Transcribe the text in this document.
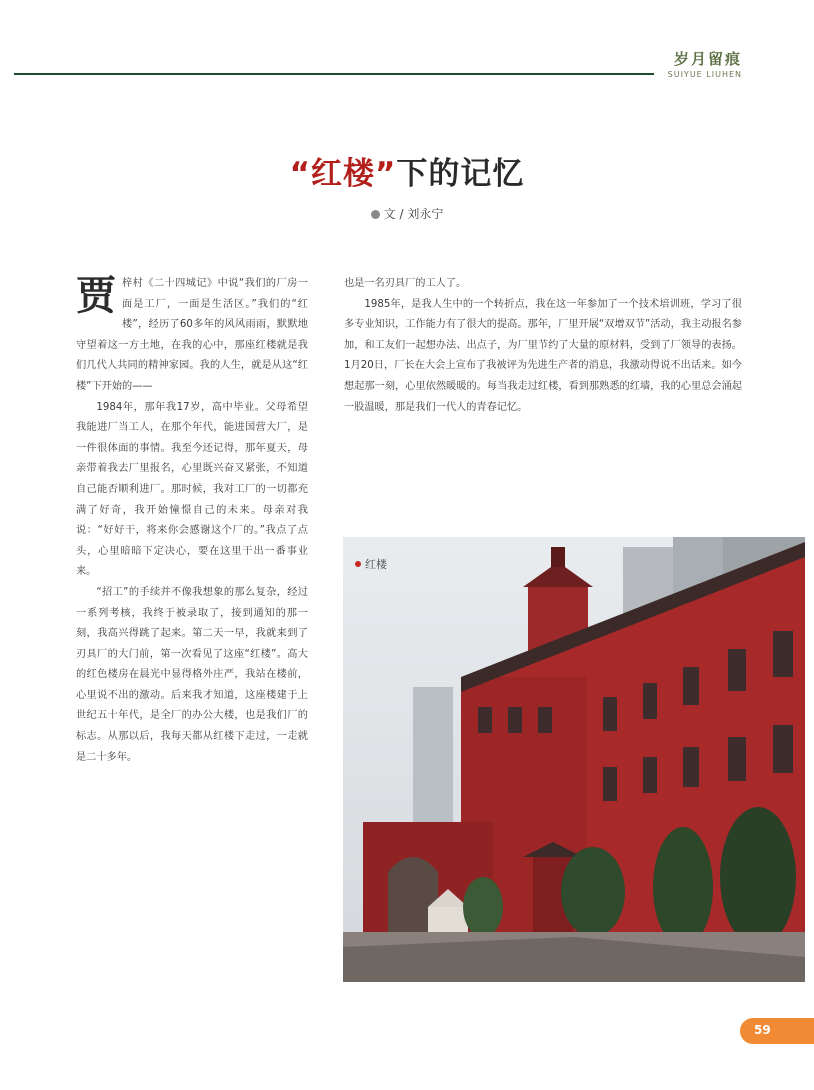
岁月留痕
SUIYUE LIUHEN
“红楼”下的记忆
文 / 刘永宁

贾梓村《二十四城记》中说“我们的厂房一面是工厂，一面是生活区。”我们的“红楼”，经历了60多年的风风雨雨，默默地守望着这一方土地，在我的心中，那座红楼就是我们几代人共同的精神家园。我的人生，就是从这“红楼”下开始的——

1984年，那年我17岁，高中毕业。父母希望我能进厂当工人，在那个年代，能进国营大厂，是一件很体面的事情。我至今还记得，那年夏天，母亲带着我去厂里报名，心里既兴奋又紧张，不知道自己能否顺利进厂。那时候，我对工厂的一切都充满了好奇，我开始憧憬自己的未来。母亲对我说：“好好干，将来你会感谢这个厂的。”我点了点头，心里暗暗下定决心，要在这里干出一番事业来。

“招工”的手续并不像我想象的那么复杂，经过一系列考核，我终于被录取了，接到通知的那一刻，我高兴得跳了起来。第二天一早，我就来到了刃具厂的大门前，第一次看见了这座“红楼”。高大的红色楼房在晨光中显得格外庄严，我站在楼前，心里说不出的激动。后来我才知道，这座楼建于上世纪五十年代，是全厂的办公大楼，也是我们厂的标志。从那以后，我每天都从红楼下走过，一走就是二十多年。

也是一名刃具厂的工人了。

1985年，是我人生中的一个转折点，我在这一年参加了一个技术培训班，学习了很多专业知识，工作能力有了很大的提高。那年，厂里开展“双增双节”活动，我主动报名参加，和工友们一起想办法、出点子，为厂里节约了大量的原材料，受到了厂领导的表扬。1月20日，厂长在大会上宣布了我被评为先进生产者的消息，我激动得说不出话来。如今想起那一刻，心里依然暖暖的。每当我走过红楼，看到那熟悉的红墙，我的心里总会涌起一股温暖，那是我们一代人的青春记忆。

红楼
59
